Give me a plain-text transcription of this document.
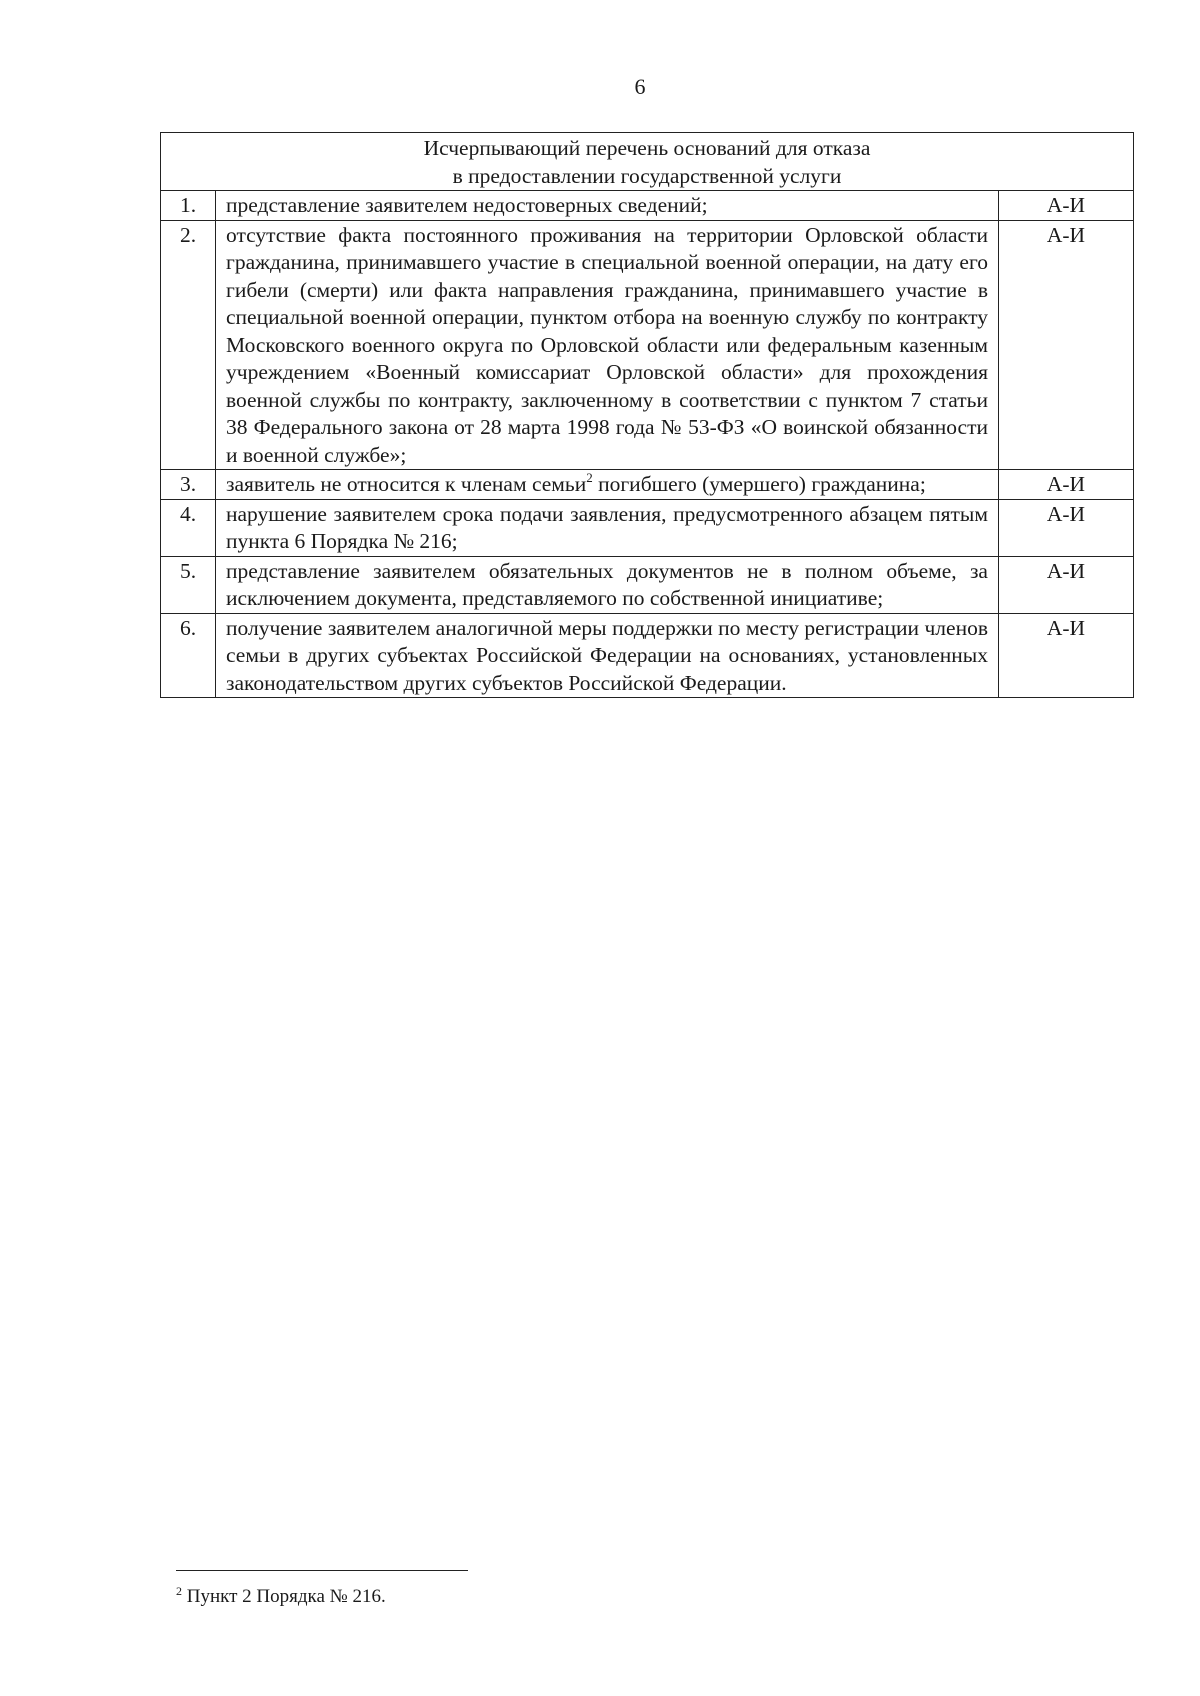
6
Исчерпывающий перечень оснований для отказа
в предоставлении государственной услуги		

1.	представление заявителем недостоверных сведений;	А-И
2.	отсутствие факта постоянного проживания на территории Орловской области гражданина, принимавшего участие в специальной военной операции, на дату его гибели (смерти) или факта направления гражданина, принимавшего участие в специальной военной операции, пунктом отбора на военную службу по контракту Московского военного округа по Орловской области или федеральным казенным учреждением «Военный комиссариат Орловской области» для прохождения военной службы по контракту, заключенному в соответствии с пунктом 7 статьи 38 Федерального закона от 28 марта 1998 года № 53-ФЗ «О воинской обязанности и военной службе»;	А-И
3.	заявитель не относится к членам семьи$^2$ погибшего (умершего) гражданина;	А-И
4.	нарушение заявителем срока подачи заявления, предусмотренного абзацем пятым пункта 6 Порядка № 216;	А-И
5.	представление заявителем обязательных документов не в полном объеме, за исключением документа, представляемого по собственной инициативе;	А-И
6.	получение заявителем аналогичной меры поддержки по месту регистрации членов семьи в других субъектах Российской Федерации на основаниях, установленных законодательством других субъектов Российской Федерации.	А-И
$^2$ Пункт 2 Порядка № 216.
